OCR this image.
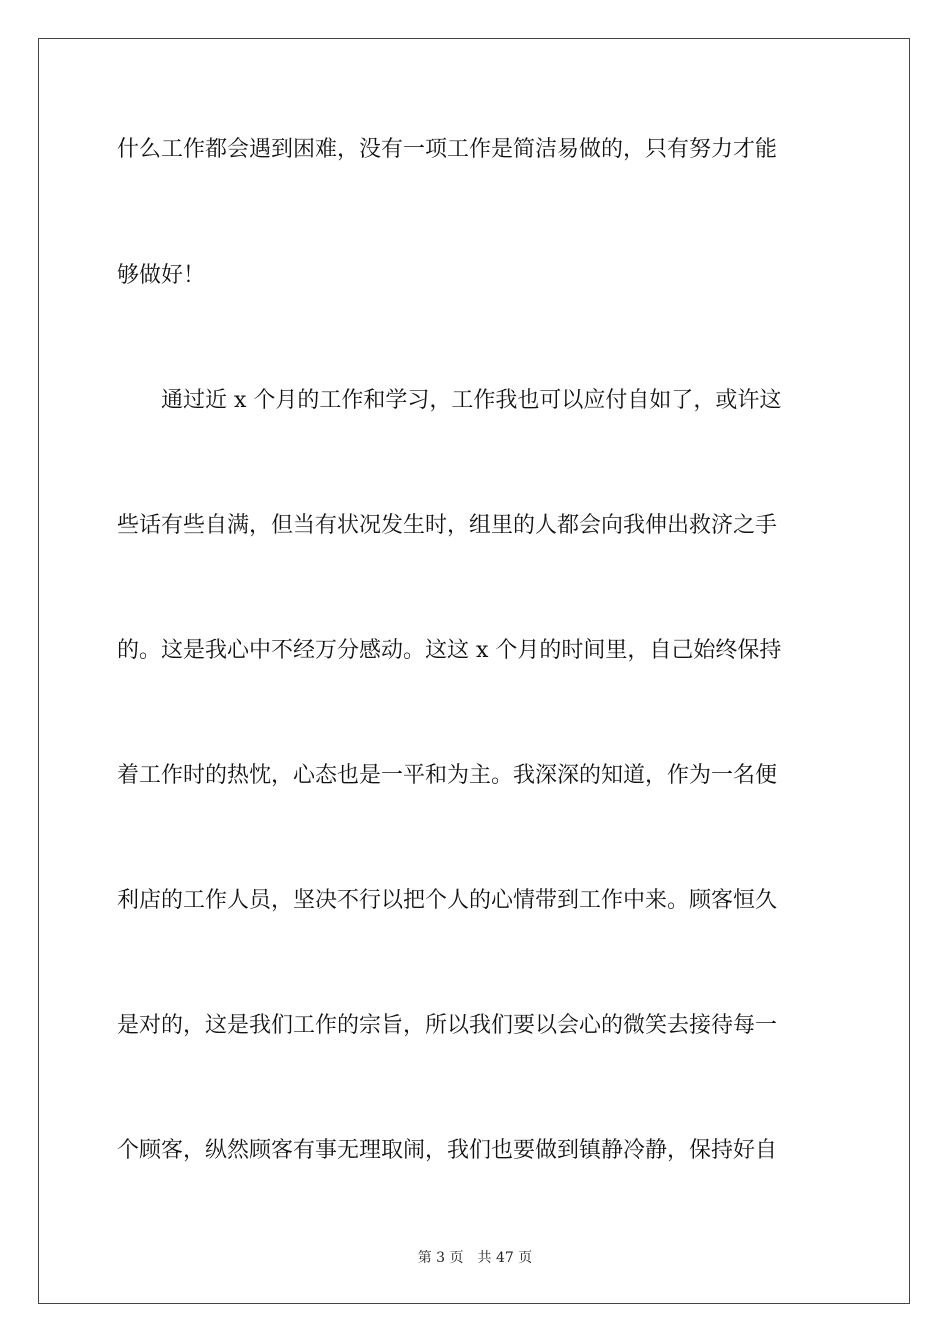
什么工作都会遇到困难，没有一项工作是简洁易做的，只有努力才能
够做好！
　　通过近 x 个月的工作和学习，工作我也可以应付自如了，或许这
些话有些自满，但当有状况发生时，组里的人都会向我伸出救济之手
的。这是我心中不经万分感动。这这 x 个月的时间里，自己始终保持
着工作时的热忱，心态也是一平和为主。我深深的知道，作为一名便
利店的工作人员，坚决不行以把个人的心情带到工作中来。顾客恒久
是对的，这是我们工作的宗旨，所以我们要以会心的微笑去接待每一
个顾客，纵然顾客有事无理取闹，我们也要做到镇静冷静，保持好自
第 3 页 共 47 页
